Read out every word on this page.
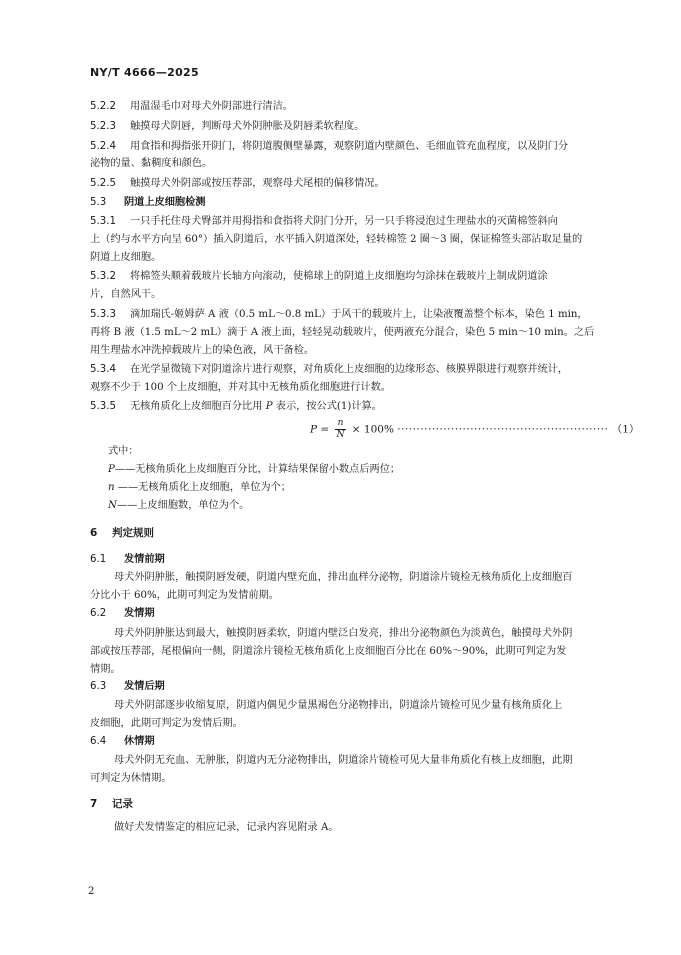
NY/T 4666—2025
5.2.2 用温湿毛巾对母犬外阴部进行清洁。
5.2.3 触摸母犬阴唇，判断母犬外阴肿胀及阴唇柔软程度。
5.2.4 用食指和拇指张开阴门，将阴道腹侧壁暴露，观察阴道内壁颜色、毛细血管充血程度，以及阴门分
泌物的量、黏稠度和颜色。
5.2.5 触摸母犬外阴部或按压荐部，观察母犬尾根的偏移情况。
5.3 阴道上皮细胞检测
5.3.1 一只手托住母犬臀部并用拇指和食指将犬阴门分开，另一只手将浸泡过生理盐水的灭菌棉签斜向
上（约与水平方向呈 60°）插入阴道后，水平插入阴道深处，轻转棉签 2 圈～3 圈，保证棉签头部沾取足量的
阴道上皮细胞。
5.3.2 将棉签头顺着载玻片长轴方向滚动，使棉球上的阴道上皮细胞均匀涂抹在载玻片上制成阴道涂
片，自然风干。
5.3.3 滴加瑞氏-姬姆萨 A 液（0.5 mL～0.8 mL）于风干的载玻片上，让染液覆盖整个标本，染色 1 min，
再将 B 液（1.5 mL～2 mL）滴于 A 液上面，轻轻晃动载玻片，使两液充分混合，染色 5 min～10 min。之后
用生理盐水冲洗掉载玻片上的染色液，风干备检。
5.3.4 在光学显微镜下对阴道涂片进行观察，对角质化上皮细胞的边缘形态、核膜界限进行观察并统计，
观察不少于 100 个上皮细胞，并对其中无核角质化细胞进行计数。
5.3.5 无核角质化上皮细胞百分比用 P 表示，按公式(1)计算。
$P = \frac{n}{N} \times 100\%$ ······················································· （1）
式中：
P——无核角质化上皮细胞百分比，计算结果保留小数点后两位；
n ——无核角质化上皮细胞，单位为个；
N——上皮细胞数，单位为个。
6 判定规则
6.1 发情前期
母犬外阴肿胀，触摸阴唇发硬，阴道内壁充血，排出血样分泌物，阴道涂片镜检无核角质化上皮细胞百
分比小于 60%，此期可判定为发情前期。
6.2 发情期
母犬外阴肿胀达到最大，触摸阴唇柔软，阴道内壁泛白发亮，排出分泌物颜色为淡黄色，触摸母犬外阴
部或按压荐部，尾根偏向一侧，阴道涂片镜检无核角质化上皮细胞百分比在 60%～90%，此期可判定为发
情期。
6.3 发情后期
母犬外阴部逐步收缩复原，阴道内偶见少量黑褐色分泌物排出，阴道涂片镜检可见少量有核角质化上
皮细胞，此期可判定为发情后期。
6.4 休情期
母犬外阴无充血、无肿胀，阴道内无分泌物排出，阴道涂片镜检可见大量非角质化有核上皮细胞，此期
可判定为休情期。
7 记录
做好犬发情鉴定的相应记录，记录内容见附录 A。
2
